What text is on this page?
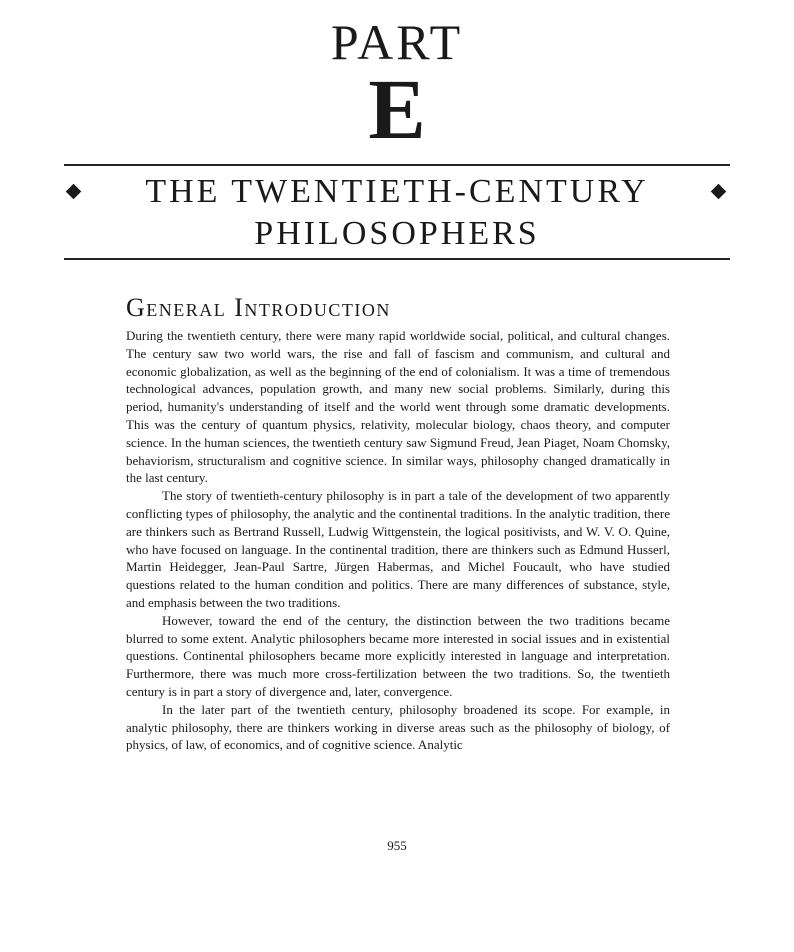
PART
E
THE TWENTIETH-CENTURY
PHILOSOPHERS
General Introduction

During the twentieth century, there were many rapid worldwide social, political, and cultural changes. The century saw two world wars, the rise and fall of fascism and communism, and cultural and economic globalization, as well as the beginning of the end of colonialism. It was a time of tremendous technological advances, population growth, and many new social problems. Similarly, during this period, humanity's understanding of itself and the world went through some dramatic developments. This was the century of quantum physics, relativity, molecular biology, chaos theory, and computer science. In the human sciences, the twentieth century saw Sigmund Freud, Jean Piaget, Noam Chomsky, behaviorism, structuralism and cognitive science. In similar ways, philosophy changed dramatically in the last century.

The story of twentieth-century philosophy is in part a tale of the development of two apparently conflicting types of philosophy, the analytic and the continental traditions. In the analytic tradition, there are thinkers such as Bertrand Russell, Ludwig Wittgenstein, the logical positivists, and W. V. O. Quine, who have focused on language. In the continental tradition, there are thinkers such as Edmund Husserl, Martin Heidegger, Jean-Paul Sartre, Jürgen Habermas, and Michel Foucault, who have studied questions related to the human condition and politics. There are many differences of substance, style, and emphasis between the two traditions.

However, toward the end of the century, the distinction between the two traditions became blurred to some extent. Analytic philosophers became more interested in social issues and in existential questions. Continental philosophers became more explicitly interested in language and interpretation. Furthermore, there was much more cross-fertilization between the two traditions. So, the twentieth century is in part a story of divergence and, later, convergence.

In the later part of the twentieth century, philosophy broadened its scope. For example, in analytic philosophy, there are thinkers working in diverse areas such as the philosophy of biology, of physics, of law, of economics, and of cognitive science. Analytic

955
